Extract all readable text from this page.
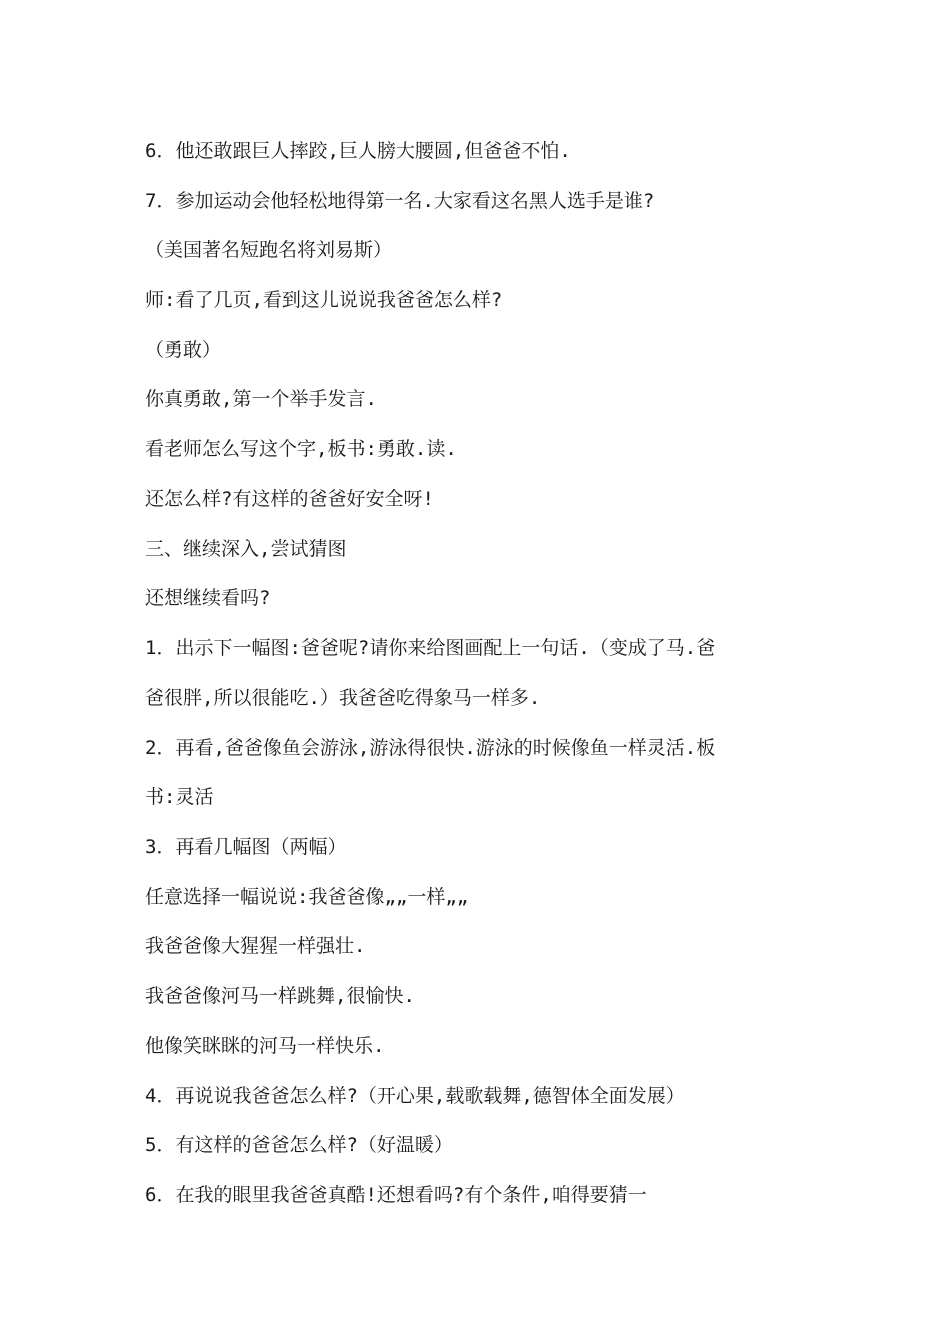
6．他还敢跟巨人摔跤,巨人膀大腰圆,但爸爸不怕.
7．参加运动会他轻松地得第一名.大家看这名黑人选手是谁?
（美国著名短跑名将刘易斯）
师:看了几页,看到这儿说说我爸爸怎么样?
（勇敢）
你真勇敢,第一个举手发言.
看老师怎么写这个字,板书:勇敢.读.
还怎么样?有这样的爸爸好安全呀!
三、继续深入,尝试猜图
还想继续看吗?
1．出示下一幅图:爸爸呢?请你来给图画配上一句话.（变成了马.爸
爸很胖,所以很能吃.）我爸爸吃得象马一样多.
2．再看,爸爸像鱼会游泳,游泳得很快.游泳的时候像鱼一样灵活.板
书:灵活
3．再看几幅图（两幅）
任意选择一幅说说:我爸爸像„„一样„„
我爸爸像大猩猩一样强壮.
我爸爸像河马一样跳舞,很愉快.
他像笑眯眯的河马一样快乐.
4．再说说我爸爸怎么样?（开心果,载歌载舞,德智体全面发展）
5．有这样的爸爸怎么样?（好温暖）
6．在我的眼里我爸爸真酷!还想看吗?有个条件,咱得要猜一
